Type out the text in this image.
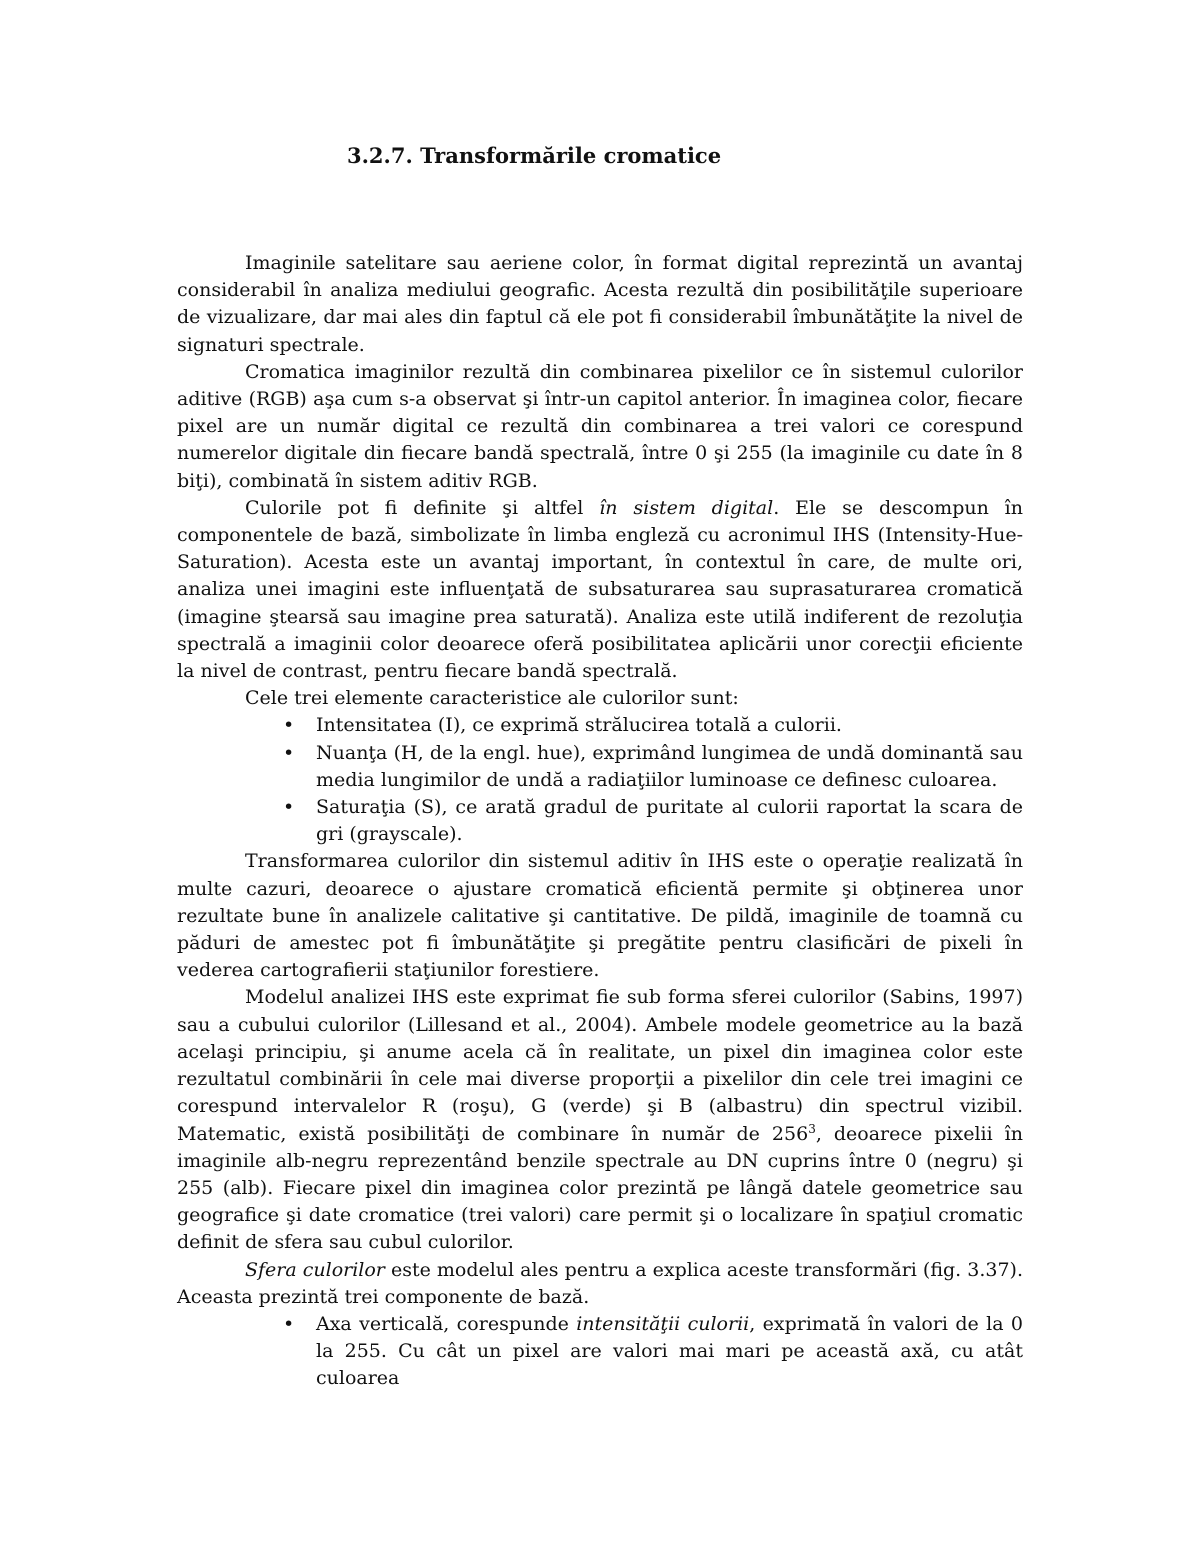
3.2.7. Transformările cromatice

Imaginile satelitare sau aeriene color, în format digital reprezintă un avantaj considerabil în analiza mediului geografic. Acesta rezultă din posibilităţile superioare de vizualizare, dar mai ales din faptul că ele pot fi considerabil îmbunătăţite la nivel de signaturi spectrale.

Cromatica imaginilor rezultă din combinarea pixelilor ce în sistemul culorilor aditive (RGB) aşa cum s-a observat şi într-un capitol anterior. În imaginea color, fiecare pixel are un număr digital ce rezultă din combinarea a trei valori ce corespund numerelor digitale din fiecare bandă spectrală, între 0 şi 255 (la imaginile cu date în 8 biţi), combinată în sistem aditiv RGB.

Culorile pot fi definite şi altfel în sistem digital. Ele se descompun în componentele de bază, simbolizate în limba engleză cu acronimul IHS (Intensity-Hue-Saturation). Acesta este un avantaj important, în contextul în care, de multe ori, analiza unei imagini este influenţată de subsaturarea sau suprasaturarea cromatică (imagine ştearsă sau imagine prea saturată). Analiza este utilă indiferent de rezoluţia spectrală a imaginii color deoarece oferă posibilitatea aplicării unor corecţii eficiente la nivel de contrast, pentru fiecare bandă spectrală.

Cele trei elemente caracteristice ale culorilor sunt:

• Intensitatea (I), ce exprimă strălucirea totală a culorii.
• Nuanţa (H, de la engl. hue), exprimând lungimea de undă dominantă sau media lungimilor de undă a radiaţiilor luminoase ce definesc culoarea.
• Saturaţia (S), ce arată gradul de puritate al culorii raportat la scara de gri (grayscale).

Transformarea culorilor din sistemul aditiv în IHS este o operaţie realizată în multe cazuri, deoarece o ajustare cromatică eficientă permite şi obţinerea unor rezultate bune în analizele calitative şi cantitative. De pildă, imaginile de toamnă cu păduri de amestec pot fi îmbunătăţite şi pregătite pentru clasificări de pixeli în vederea cartografierii staţiunilor forestiere.

Modelul analizei IHS este exprimat fie sub forma sferei culorilor (Sabins, 1997) sau a cubului culorilor (Lillesand et al., 2004). Ambele modele geometrice au la bază acelaşi principiu, şi anume acela că în realitate, un pixel din imaginea color este rezultatul combinării în cele mai diverse proporţii a pixelilor din cele trei imagini ce corespund intervalelor R (roşu), G (verde) şi B (albastru) din spectrul vizibil. Matematic, există posibilităţi de combinare în număr de $256^3$, deoarece pixelii în imaginile alb-negru reprezentând benzile spectrale au DN cuprins între 0 (negru) şi 255 (alb). Fiecare pixel din imaginea color prezintă pe lângă datele geometrice sau geografice şi date cromatice (trei valori) care permit şi o localizare în spaţiul cromatic definit de sfera sau cubul culorilor.

Sfera culorilor este modelul ales pentru a explica aceste transformări (fig. 3.37). Aceasta prezintă trei componente de bază.

• Axa verticală, corespunde intensităţii culorii, exprimată în valori de la 0 la 255. Cu cât un pixel are valori mai mari pe această axă, cu atât culoarea
